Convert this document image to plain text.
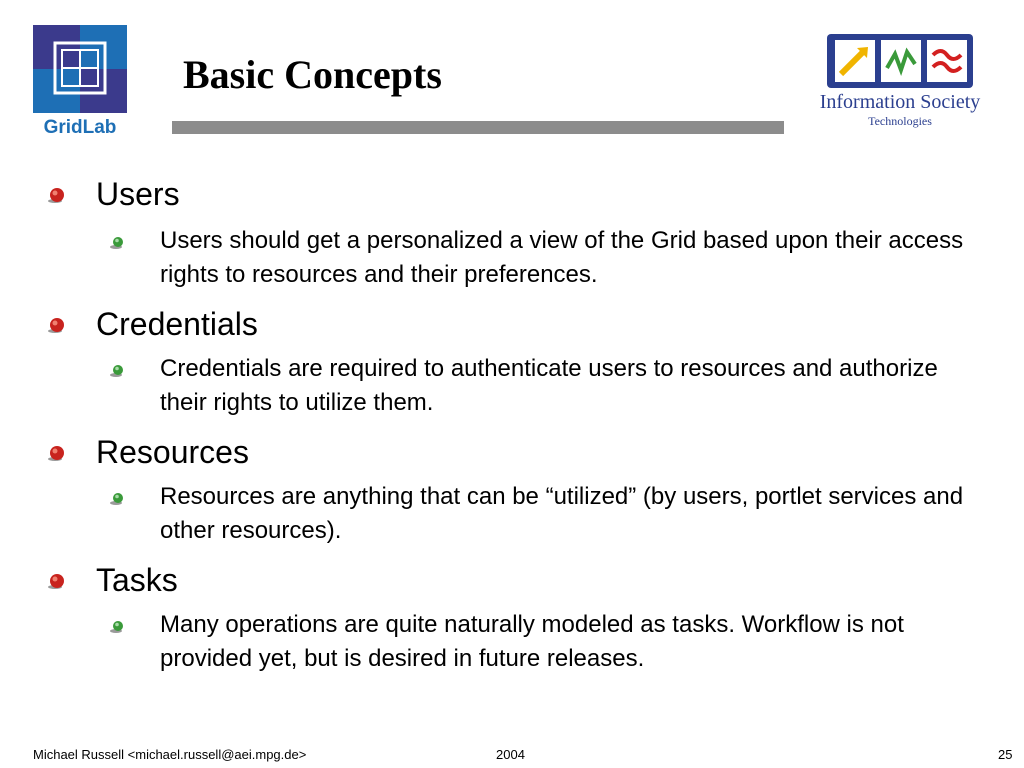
GridLab
Basic Concepts
Information Society
Technologies
Users
Users should get a personalized a view of the Grid based upon their access rights to resources and their preferences.
Credentials
Credentials are required to authenticate users to resources and authorize their rights to utilize them.
Resources
Resources are anything that can be “utilized” (by users, portlet services and other resources).
Tasks
Many operations are quite naturally modeled as tasks. Workflow is not provided yet, but is desired in future releases.
Michael Russell <michael.russell@aei.mpg.de>	2004	25
